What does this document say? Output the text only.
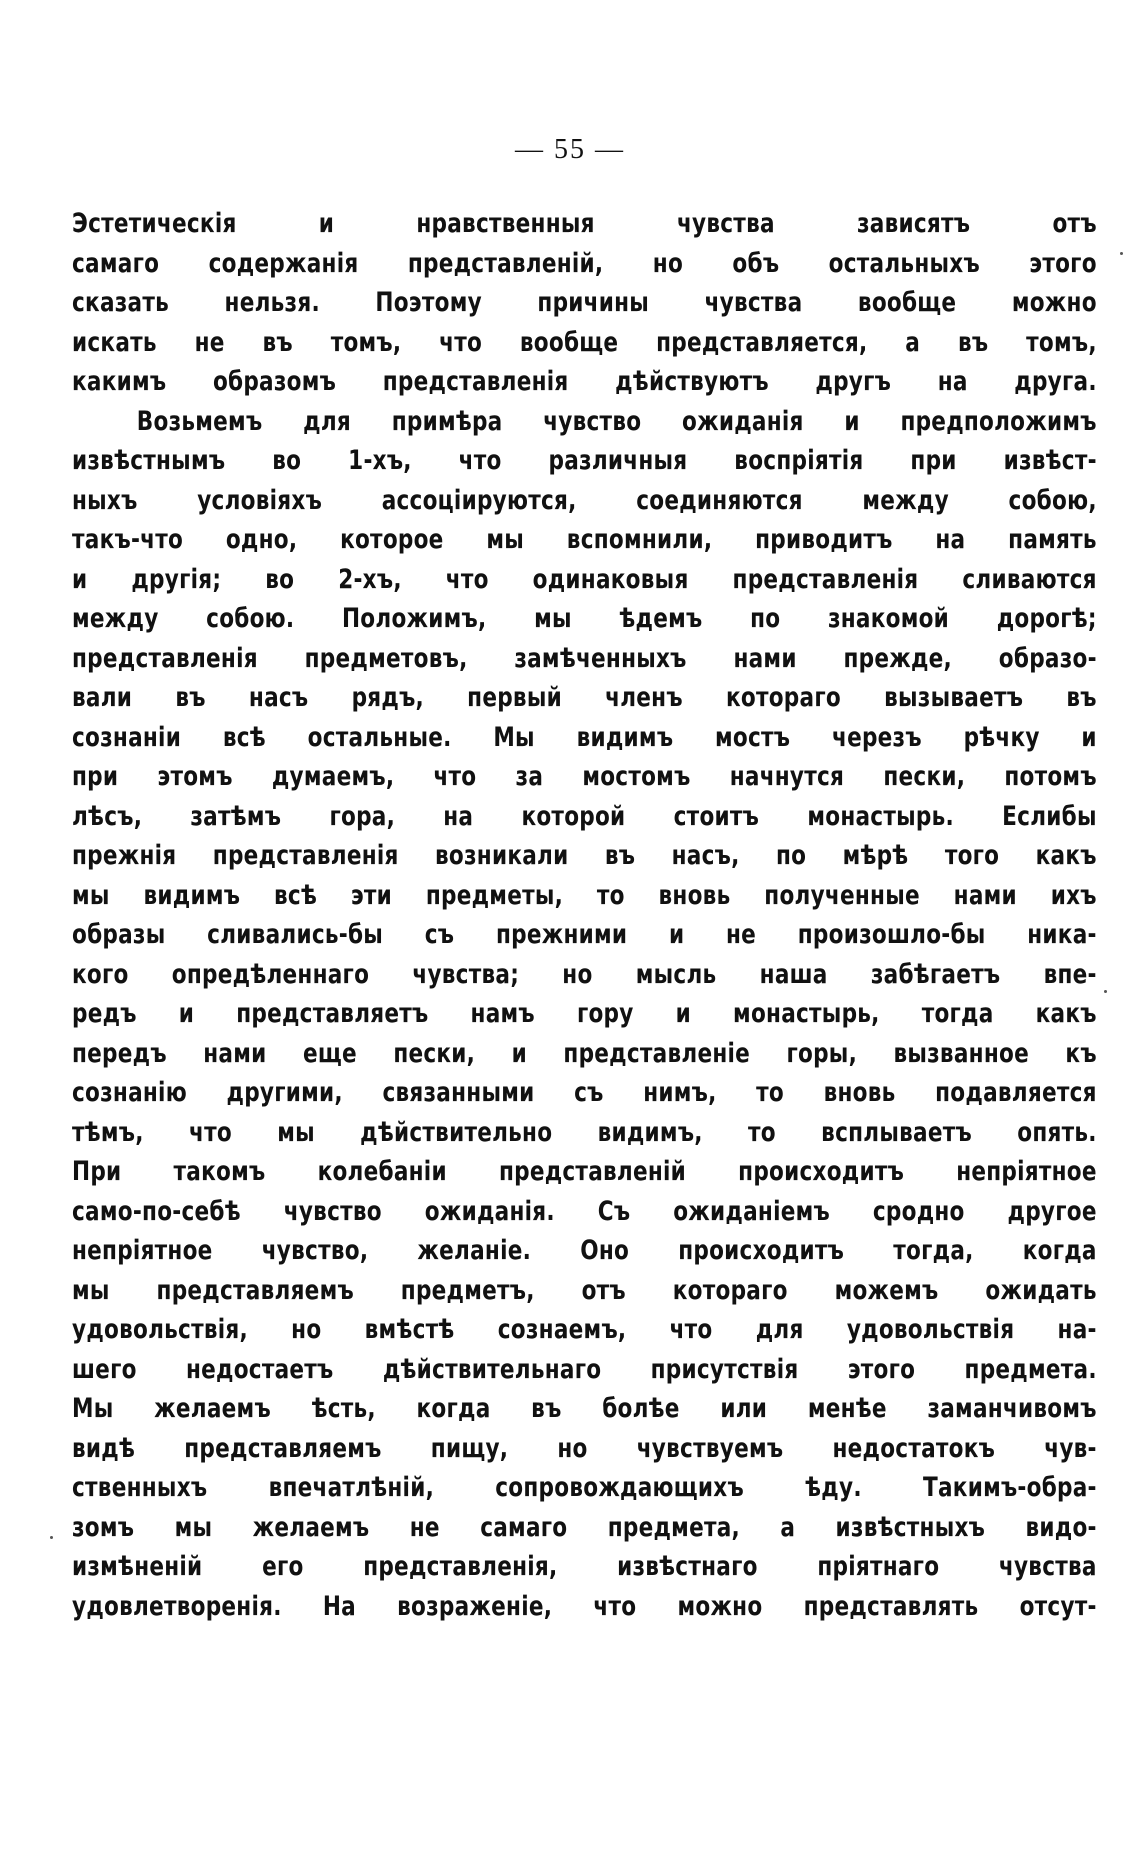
— 55 —
Эстетическія	и	нравственныя	чувства	зависятъ	отъ
самаго содержанія представленій, но объ остальныхъ этого
сказать нельзя. Поэтому причины чувства вообще можно
искать не въ томъ, что вообще представляется, а въ томъ,
какимъ образомъ представленія дѣйствуютъ другъ на друга.
Возьмемъ для примѣра чувство ожиданія и предположимъ
извѣстнымъ во 1-хъ, что различныя воспріятія при извѣст-
ныхъ условіяхъ ассоціируются, соединяются между собою,
такъ-что одно, которое мы вспомнили, приводитъ на память
и другія; во 2-хъ, что одинаковыя представленія сливаются
между собою. Положимъ, мы ѣдемъ по знакомой дорогѣ;
представленія предметовъ, замѣченныхъ нами прежде, образо-
вали въ насъ рядъ, первый членъ котораго вызываетъ въ
сознаніи всѣ остальные. Мы видимъ мостъ черезъ рѣчку и
при этомъ думаемъ, что за мостомъ начнутся пески, потомъ
лѣсъ, затѣмъ гора, на которой стоитъ монастырь. Еслибы
прежнія представленія возникали въ насъ, по мѣрѣ того какъ
мы видимъ всѣ эти предметы, то вновь полученные нами ихъ
образы сливались-бы съ прежними и не произошло-бы ника-
кого опредѣленнаго чувства; но мысль наша забѣгаетъ впе-
редъ и представляетъ намъ гору и монастырь, тогда какъ
передъ нами еще пески, и представленіе горы, вызванное къ
сознанію другими, связанными съ нимъ, то вновь подавляется
тѣмъ, что мы дѣйствительно видимъ, то всплываетъ опять.
При такомъ колебаніи представленій происходитъ непріятное
само-по-себѣ чувство ожиданія. Съ ожиданіемъ сродно другое
непріятное чувство, желаніе. Оно происходитъ тогда, когда
мы представляемъ предметъ, отъ котораго можемъ ожидать
удовольствія, но вмѣстѣ сознаемъ, что для удовольствія на-
шего недостаетъ дѣйствительнаго присутствія этого предмета.
Мы желаемъ ѣсть, когда въ болѣе или менѣе заманчивомъ
видѣ представляемъ пищу, но чувствуемъ недостатокъ чув-
ственныхъ впечатлѣній, сопровождающихъ ѣду. Такимъ-обра-
зомъ мы желаемъ не самаго предмета, а извѣстныхъ видо-
измѣненій его представленія, извѣстнаго пріятнаго чувства
удовлетворенія. На возраженіе, что можно представлять отсут-
